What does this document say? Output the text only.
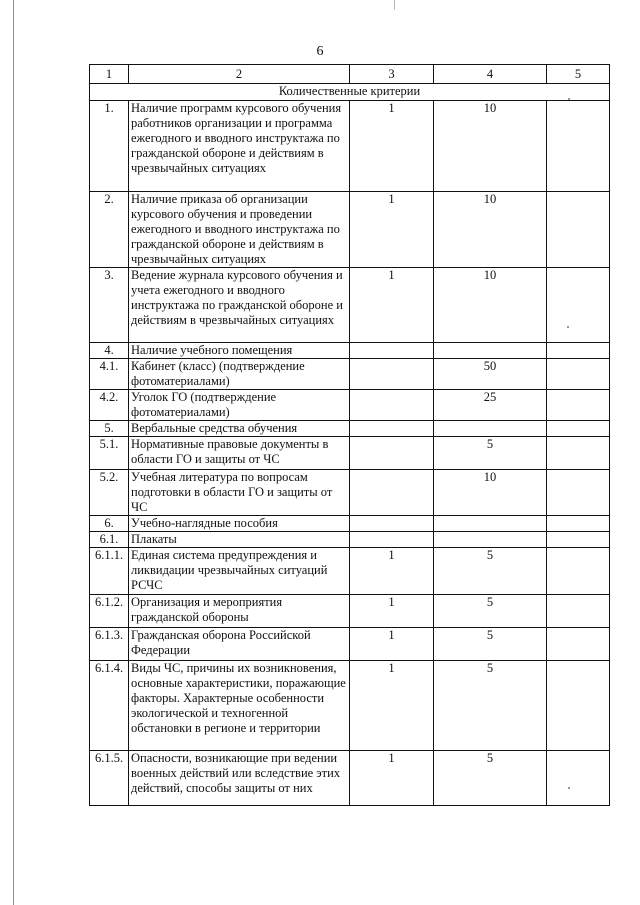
6
1	2	3	4	5
Количественные критерии				
1.	Наличие программ курсового обучения работников организации и программа ежегодного и вводного инструктажа по гражданской обороне и действиям в чрезвычайных ситуациях	1	10	
2.	Наличие приказа об организации курсового обучения и проведении ежегодного и вводного инструктажа по гражданской обороне и действиям в чрезвычайных ситуациях	1	10	
3.	Ведение журнала курсового обучения и учета ежегодного и вводного инструктажа по гражданской обороне и действиям в чрезвычайных ситуациях	1	10	
4.	Наличие учебного помещения			
4.1.	Кабинет (класс) (подтверждение фотоматериалами)		50	
4.2.	Уголок ГО (подтверждение фотоматериалами)		25	
5.	Вербальные средства обучения			
5.1.	Нормативные правовые документы в области ГО и защиты от ЧС		5	
5.2.	Учебная литература по вопросам подготовки в области ГО и защиты от ЧС		10	
6.	Учебно-наглядные пособия			
6.1.	Плакаты			
6.1.1.	Единая система предупреждения и ликвидации чрезвычайных ситуаций РСЧС	1	5	
6.1.2.	Организация и мероприятия гражданской обороны	1	5	
6.1.3.	Гражданская оборона Российской Федерации	1	5	
6.1.4.	Виды ЧС, причины их возникновения, основные характеристики, поражающие факторы. Характерные особенности экологической и техногенной обстановки в регионе и территории	1	5	
6.1.5.	Опасности, возникающие при ведении военных действий или вследствие этих действий, способы защиты от них	1	5	
